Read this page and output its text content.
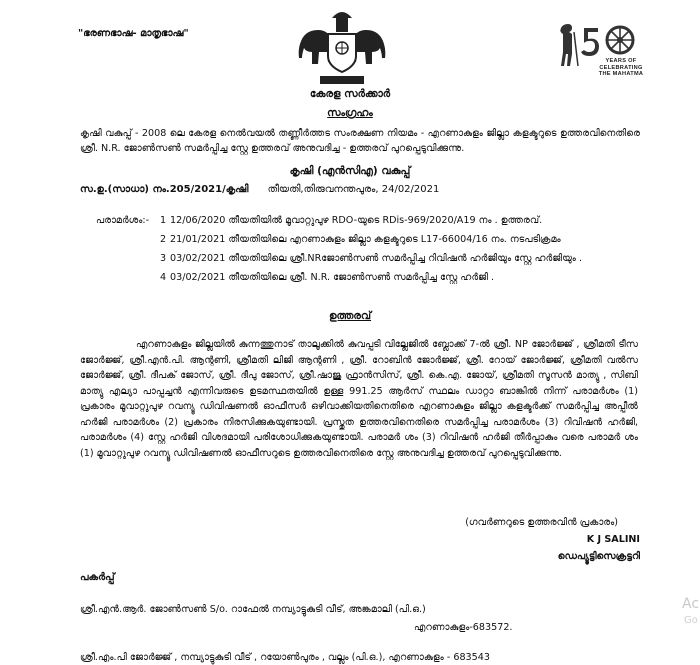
"ഭരണഭാഷ- മാതൃഭാഷ"
YEARS OF
CELEBRATING
THE MAHATMA
കേരള സർക്കാർ
സംഗ്രഹം
കൃഷി വകുപ്പ് - 2008 ലെ കേരള നെൽവയൽ തണ്ണീർത്തട സംരക്ഷണ നിയമം - എറണാകുളം ജില്ലാ കളക്ടറുടെ ഉത്തരവിനെതിരെ ശ്രീ. N.R. ജോൺസൺ സമർപ്പിച്ച സ്റ്റേ ഉത്തരവ് അനുവദിച്ച - ഉത്തരവ് പുറപ്പെടുവിക്കുന്നു.
കൃഷി (എൻസിഎ) വകുപ്പ്
സ.ഉ.(സാധാ) നം.205/2021/കൃഷി തീയതി,തിരുവനന്തപുരം, 24/02/2021
പരാമർശം:-	1 12/06/2020 തീയതിയിൽ മൂവാറ്റുപുഴ RDO-യുടെ RDis-969/2020/A19 നം . ഉത്തരവ്.
2 21/01/2021 തീയതിയിലെ എറണാകുളം ജില്ലാ കളക്ടറുടെ L17-66004/16 നം. നടപടിക്രമം
3 03/02/2021 തീയതിയിലെ ശ്രീ.NRജോൺസൺ സമർപ്പിച്ച റിവിഷൻ ഹർജിയും സ്റ്റേ ഹർജിയും .
4 03/02/2021 തീയതിയിലെ ശ്രീ. N.R. ജോൺസൺ സമർപ്പിച്ച സ്റ്റേ ഹർജി .
ഉത്തരവ്
എറണാകുളം ജില്ലയിൽ കുന്നത്തുനാട് താലൂക്കിൽ കുവപ്പടി വില്ലേജിൽ ബ്ലോക്ക് 7-ൽ ശ്രീ. NP ജോർജ്ജ് , ശ്രീമതി ടീസ ജോർജ്ജ്, ശ്രീ.എൻ.പി. ആന്റണി, ശ്രീമതി ലിജി ആന്റണി , ശ്രീ. റോബിൻ ജോർജ്ജ്, ശ്രീ. റോയ് ജോർജ്ജ്, ശ്രീമതി വൽസ ജോർജ്ജ്, ശ്രീ. ദീപക് ജോസ്, ശ്രീ. ദീപു ജോസ്, ശ്രീ.ഷാജു ഫ്രാൻസിസ്, ശ്രീ. കെ.എ. ജോയ്, ശ്രീമതി സൂസൻ മാത്യു , സിബി മാത്യു എല്യാ പാപ്പച്ചൻ എന്നിവരുടെ ഉടമസ്ഥതയിൽ ഉള്ള 991.25 ആർസ് സ്ഥലം ഡാറ്റാ ബാങ്കിൽ നിന്ന് പരാമർശം (1) പ്രകാരം മൂവാറ്റുപുഴ റവന്യൂ ഡിവിഷണൽ ഓഫീസർ ഒഴിവാക്കിയതിനെതിരെ എറണാകുളം ജില്ലാ കളക്ടർക്ക് സമർപ്പിച്ച അപ്പീൽ ഹർജി പരാമർശം (2) പ്രകാരം നിരസിക്കുകയുണ്ടായി. പ്രസ്തുത ഉത്തരവിനെതിരെ സമർപ്പിച്ച പരാമർശം (3) റിവിഷൻ ഹർജി, പരാമർശം (4) സ്റ്റേ ഹർജി വിശദമായി പരിശോധിക്കുകയുണ്ടായി. പരാമർ ശം (3) റിവിഷൻ ഹർജി തീർപ്പാകും വരെ പരാമർ ശം (1) മൂവാറ്റുപുഴ റവന്യൂ ഡിവിഷണൽ ഓഫീസറുടെ ഉത്തരവിനെതിരെ സ്റ്റേ അനുവദിച്ച ഉത്തരവ് പുറപ്പെടുവിക്കുന്നു.
(ഗവർണറുടെ ഉത്തരവിൻ പ്രകാരം)
K J SALINI
ഡെപ്യൂട്ടിസെക്രട്ടറി
പകർപ്പ്
ശ്രീ.എൻ.ആർ. ജോൺസൺ S/o. റാഫേൽ നമ്പ്യാട്ടുകുടി വീട്, അങ്കമാലി (പി.ഒ.)
എറണാകുളം-683572.
ശ്രീ.എം.പി ജോർജ്ജ് , നമ്പ്യാട്ടുകുടി വീട് , റയോൺപുരം , വല്ലം (പി.ഒ.), എറണാകുളം - 683543
Ac
Go
